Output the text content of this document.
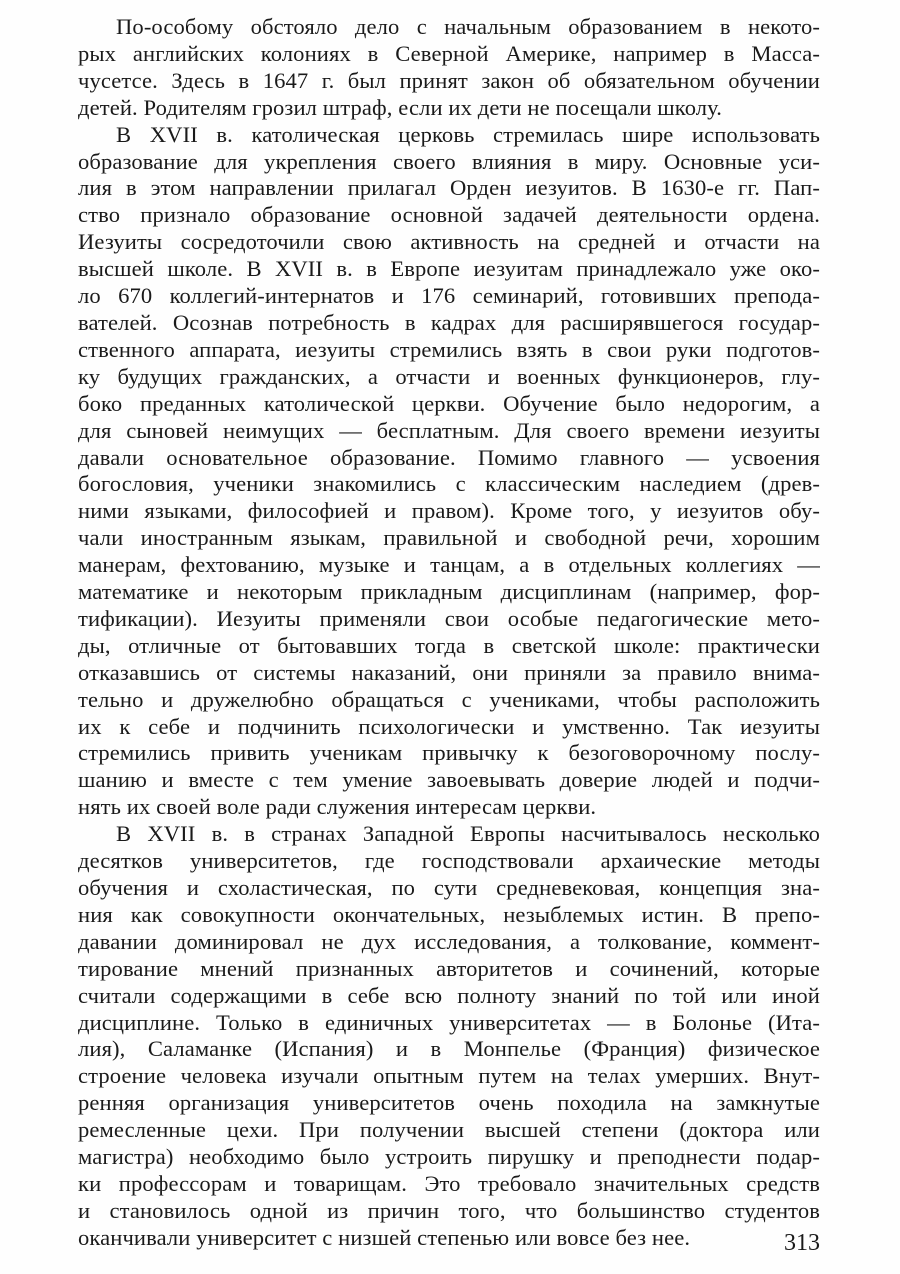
По-особому обстояло дело с начальным образованием в некото-
рых английских колониях в Северной Америке, например в Масса-
чусетсе. Здесь в 1647 г. был принят закон об обязательном обучении
детей. Родителям грозил штраф, если их дети не посещали школу.
В XVII в. католическая церковь стремилась шире использовать
образование для укрепления своего влияния в миру. Основные уси-
лия в этом направлении прилагал Орден иезуитов. В 1630-е гг. Пап-
ство признало образование основной задачей деятельности ордена.
Иезуиты сосредоточили свою активность на средней и отчасти на
высшей школе. В XVII в. в Европе иезуитам принадлежало уже око-
ло 670 коллегий-интернатов и 176 семинарий, готовивших препода-
вателей. Осознав потребность в кадрах для расширявшегося государ-
ственного аппарата, иезуиты стремились взять в свои руки подготов-
ку будущих гражданских, а отчасти и военных функционеров, глу-
боко преданных католической церкви. Обучение было недорогим, а
для сыновей неимущих — бесплатным. Для своего времени иезуиты
давали основательное образование. Помимо главного — усвоения
богословия, ученики знакомились с классическим наследием (древ-
ними языками, философией и правом). Кроме того, у иезуитов обу-
чали иностранным языкам, правильной и свободной речи, хорошим
манерам, фехтованию, музыке и танцам, а в отдельных коллегиях —
математике и некоторым прикладным дисциплинам (например, фор-
тификации). Иезуиты применяли свои особые педагогические мето-
ды, отличные от бытовавших тогда в светской школе: практически
отказавшись от системы наказаний, они приняли за правило внима-
тельно и дружелюбно обращаться с учениками, чтобы расположить
их к себе и подчинить психологически и умственно. Так иезуиты
стремились привить ученикам привычку к безоговорочному послу-
шанию и вместе с тем умение завоевывать доверие людей и подчи-
нять их своей воле ради служения интересам церкви.
В XVII в. в странах Западной Европы насчитывалось несколько
десятков университетов, где господствовали архаические методы
обучения и схоластическая, по сути средневековая, концепция зна-
ния как совокупности окончательных, незыблемых истин. В препо-
давании доминировал не дух исследования, а толкование, коммент-
тирование мнений признанных авторитетов и сочинений, которые
считали содержащими в себе всю полноту знаний по той или иной
дисциплине. Только в единичных университетах — в Болонье (Ита-
лия), Саламанке (Испания) и в Монпелье (Франция) физическое
строение человека изучали опытным путем на телах умерших. Внут-
ренняя организация университетов очень походила на замкнутые
ремесленные цехи. При получении высшей степени (доктора или
магистра) необходимо было устроить пирушку и преподнести подар-
ки профессорам и товарищам. Это требовало значительных средств
и становилось одной из причин того, что большинство студентов
оканчивали университет с низшей степенью или вовсе без нее.	313
